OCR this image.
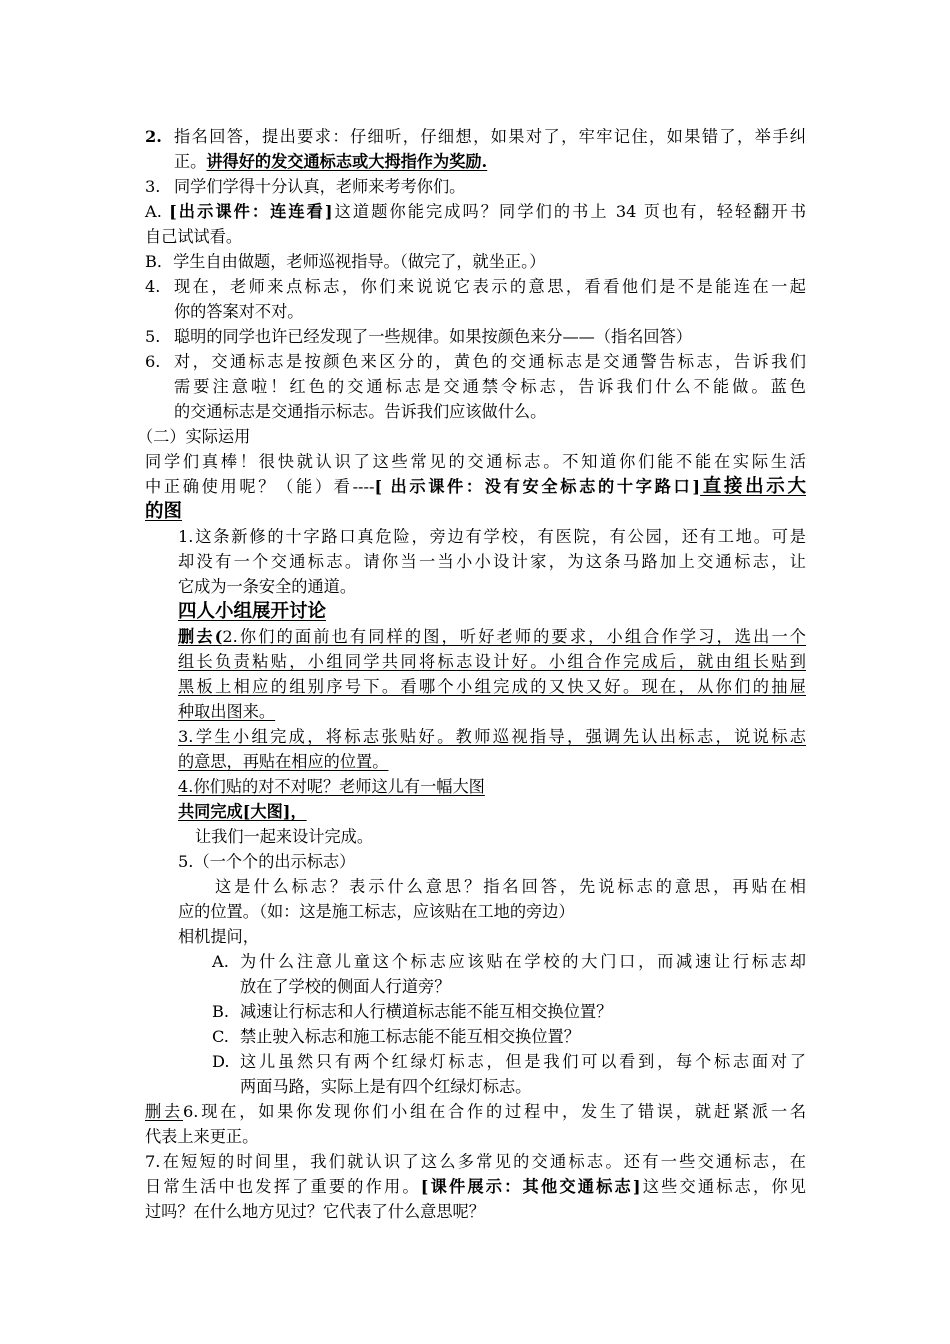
2. 指名回答，提出要求：仔细听，仔细想，如果对了，牢牢记住，如果错了，举手纠
正。讲得好的发交通标志或大拇指作为奖励.
3. 同学们学得十分认真，老师来考考你们。
A. [出示课件：连连看]这道题你能完成吗？同学们的书上 34 页也有，轻轻翻开书
自己试试看。
B．学生自由做题，老师巡视指导。（做完了，就坐正。）
4. 现在，老师来点标志，你们来说说它表示的意思，看看他们是不是能连在一起
你的答案对不对。
5. 聪明的同学也许已经发现了一些规律。如果按颜色来分——（指名回答）
6. 对，交通标志是按颜色来区分的，黄色的交通标志是交通警告标志，告诉我们
需要注意啦！红色的交通标志是交通禁令标志，告诉我们什么不能做。蓝色
的交通标志是交通指示标志。告诉我们应该做什么。
（二）实际运用
同学们真棒！很快就认识了这些常见的交通标志。不知道你们能不能在实际生活
中正确使用呢？（能）看----[ 出示课件：没有安全标志的十字路口]直接出示大
的图
1.这条新修的十字路口真危险，旁边有学校，有医院，有公园，还有工地。可是
却没有一个交通标志。请你当一当小小设计家，为这条马路加上交通标志，让
它成为一条安全的通道。
四人小组展开讨论
删去(2.你们的面前也有同样的图，听好老师的要求，小组合作学习，选出一个
组长负责粘贴，小组同学共同将标志设计好。小组合作完成后，就由组长贴到
黑板上相应的组别序号下。看哪个小组完成的又快又好。现在，从你们的抽屉
种取出图来。
3.学生小组完成，将标志张贴好。教师巡视指导，强调先认出标志，说说标志
的意思，再贴在相应的位置。
4.你们贴的对不对呢？老师这儿有一幅大图
共同完成[大图]，
让我们一起来设计完成。
5.（一个个的出示标志）
这是什么标志？表示什么意思？指名回答，先说标志的意思，再贴在相
应的位置。（如：这是施工标志，应该贴在工地的旁边）
相机提问，
A. 为什么注意儿童这个标志应该贴在学校的大门口，而减速让行标志却
放在了学校的侧面人行道旁？
B. 减速让行标志和人行横道标志能不能互相交换位置？
C. 禁止驶入标志和施工标志能不能互相交换位置？
D. 这儿虽然只有两个红绿灯标志，但是我们可以看到，每个标志面对了
两面马路，实际上是有四个红绿灯标志。
删去6.现在，如果你发现你们小组在合作的过程中，发生了错误，就赶紧派一名
代表上来更正。
7.在短短的时间里，我们就认识了这么多常见的交通标志。还有一些交通标志，在
日常生活中也发挥了重要的作用。[课件展示：其他交通标志]这些交通标志，你见
过吗？在什么地方见过？它代表了什么意思呢？
